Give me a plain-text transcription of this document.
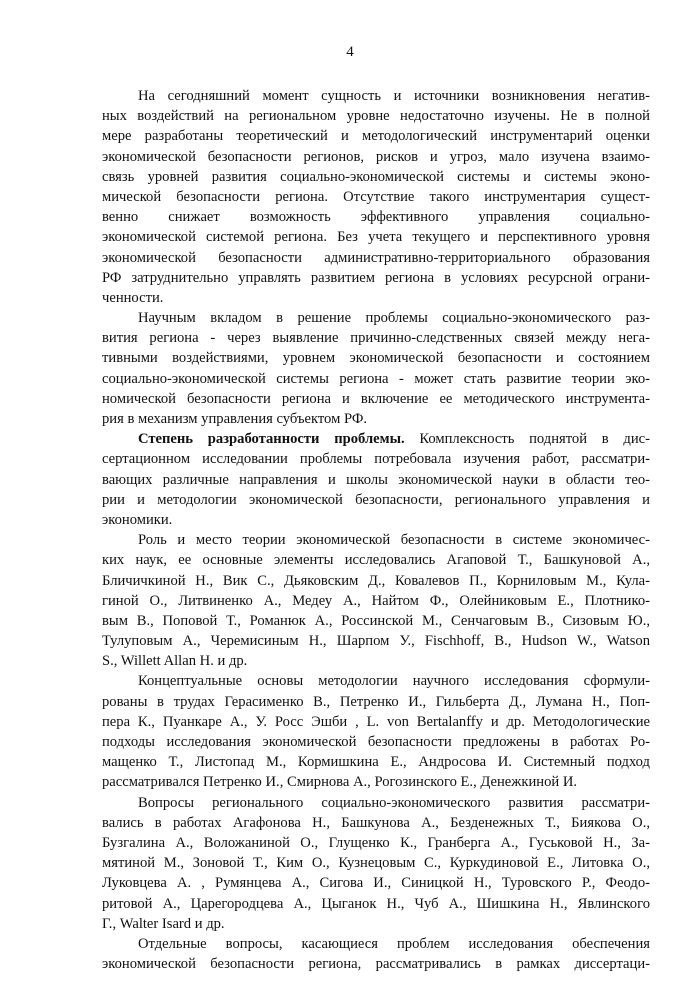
4
На сегодняшний момент сущность и источники возникновения негатив-
ных воздействий на региональном уровне недостаточно изучены. Не в полной
мере разработаны теоретический и методологический инструментарий оценки
экономической безопасности регионов, рисков и угроз, мало изучена взаимо-
связь уровней развития социально-экономической системы и системы эконо-
мической безопасности региона. Отсутствие такого инструментария сущест-
венно снижает возможность эффективного управления социально-
экономической системой региона. Без учета текущего и перспективного уровня
экономической безопасности административно-территориального образования
РФ затруднительно управлять развитием региона в условиях ресурсной ограни-
ченности.
Научным вкладом в решение проблемы социально-экономического раз-
вития региона - через выявление причинно-следственных связей между нега-
тивными воздействиями, уровнем экономической безопасности и состоянием
социально-экономической системы региона - может стать развитие теории эко-
номической безопасности региона и включение ее методического инструмента-
рия в механизм управления субъектом РФ.
Степень разработанности проблемы. Комплексность поднятой в дис-
сертационном исследовании проблемы потребовала изучения работ, рассматри-
вающих различные направления и школы экономической науки в области тео-
рии и методологии экономической безопасности, регионального управления и
экономики.
Роль и место теории экономической безопасности в системе экономичес-
ких наук, ее основные элементы исследовались Агаповой Т., Башкуновой А.,
Бличичкиной Н., Вик С., Дьяковским Д., Ковалевов П., Корниловым М., Кула-
гиной О., Литвиненко А., Медеу А., Найтом Ф., Олейниковым Е., Плотнико-
вым В., Поповой Т., Романюк А., Россинской М., Сенчаговым В., Сизовым Ю.,
Тулуповым А., Черемисиным Н., Шарпом У., Fischhoff, B., Hudson W., Watson
S., Willett Allan H. и др.
Концептуальные основы методологии научного исследования сформули-
рованы в трудах Герасименко В., Петренко И., Гильберта Д., Лумана Н., Поп-
пера К., Пуанкаре А., У. Росс Эшби , L. von Bertalanffy и др. Методологические
подходы исследования экономической безопасности предложены в работах Ро-
мащенко Т., Листопад М., Кормишкина Е., Андросова И. Системный подход
рассматривался Петренко И., Смирнова А., Рогозинского Е., Денежкиной И.
Вопросы регионального социально-экономического развития рассматри-
вались в работах Агафонова Н., Башкунова А., Безденежных Т., Биякова О.,
Бузгалина А., Воложаниной О., Глущенко К., Гранберга А., Гуськовой Н., За-
мятиной М., Зоновой Т., Ким О., Кузнецовым С., Куркудиновой Е., Литовка О.,
Луковцева А. , Румянцева А., Сигова И., Синицкой Н., Туровского Р., Феодо-
ритовой А., Царегородцева А., Цыганок Н., Чуб А., Шишкина Н., Явлинского
Г., Walter Isard и др.
Отдельные вопросы, касающиеся проблем исследования обеспечения
экономической безопасности региона, рассматривались в рамках диссертаци-
